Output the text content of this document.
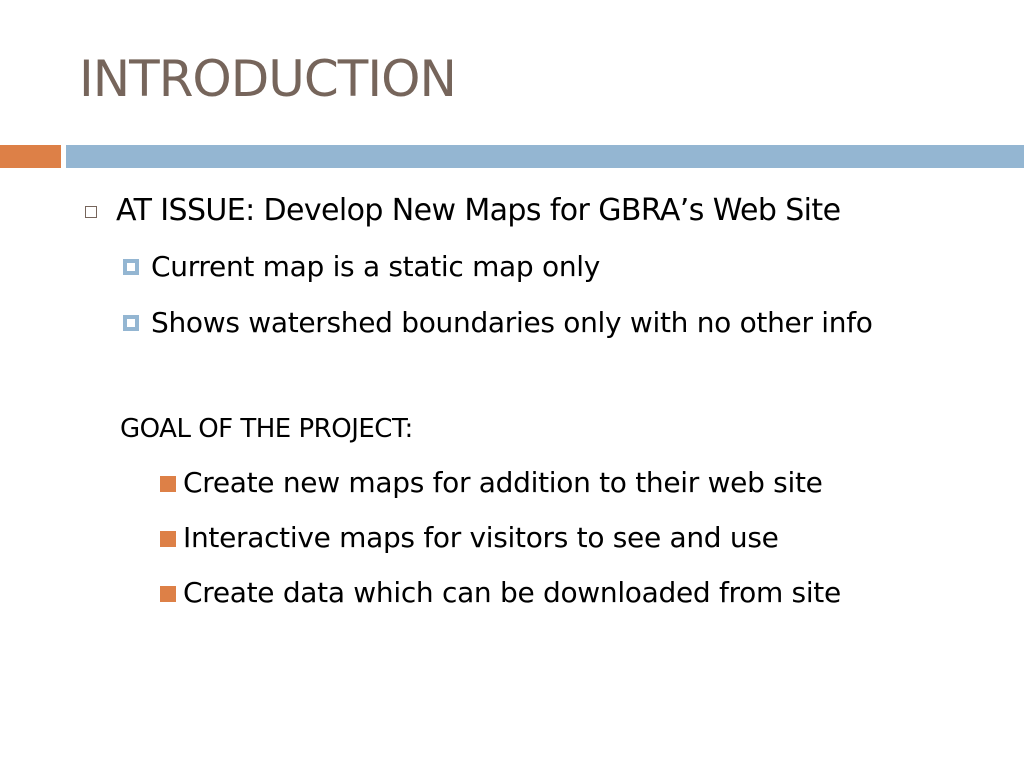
INTRODUCTION
AT ISSUE: Develop New Maps for GBRA’s Web Site
Current map is a static map only
Shows watershed boundaries only with no other info
GOAL OF THE PROJECT:
Create new maps for addition to their web site
Interactive maps for visitors to see and use
Create data which can be downloaded from site
